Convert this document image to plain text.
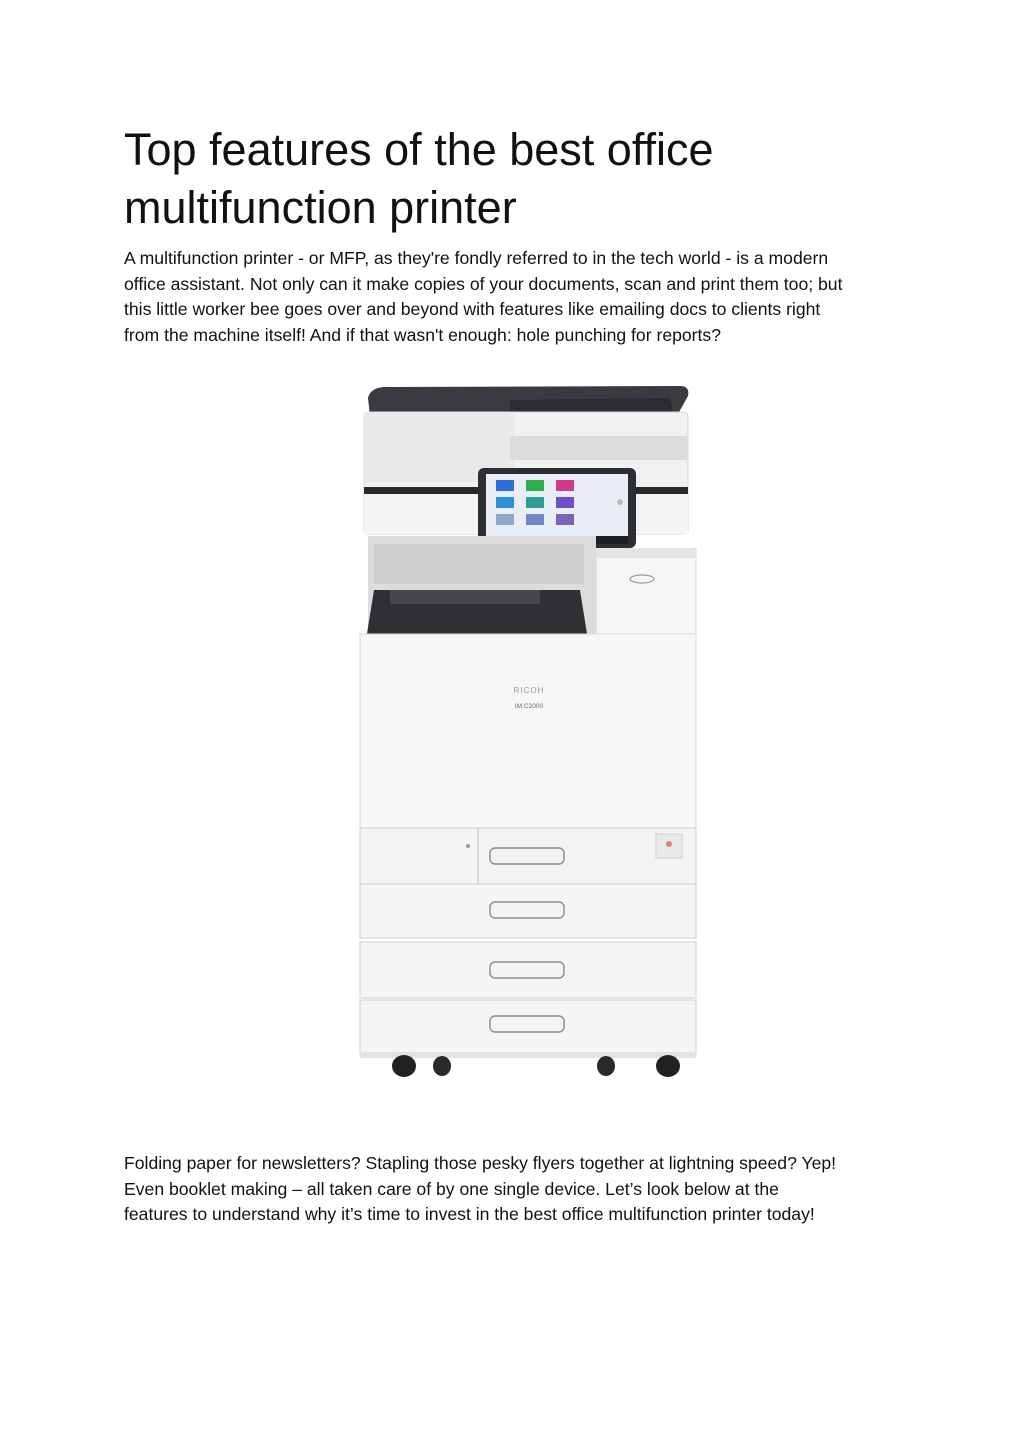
Top features of the best office
multifunction printer

A multifunction printer - or MFP, as they're fondly referred to in the tech world - is a modern
office assistant. Not only can it make copies of your documents, scan and print them too; but
this little worker bee goes over and beyond with features like emailing docs to clients right
from the machine itself! And if that wasn't enough: hole punching for reports?

RICOH
IM C2000

Folding paper for newsletters? Stapling those pesky flyers together at lightning speed? Yep!
Even booklet making – all taken care of by one single device. Let’s look below at the
features to understand why it’s time to invest in the best office multifunction printer today!
